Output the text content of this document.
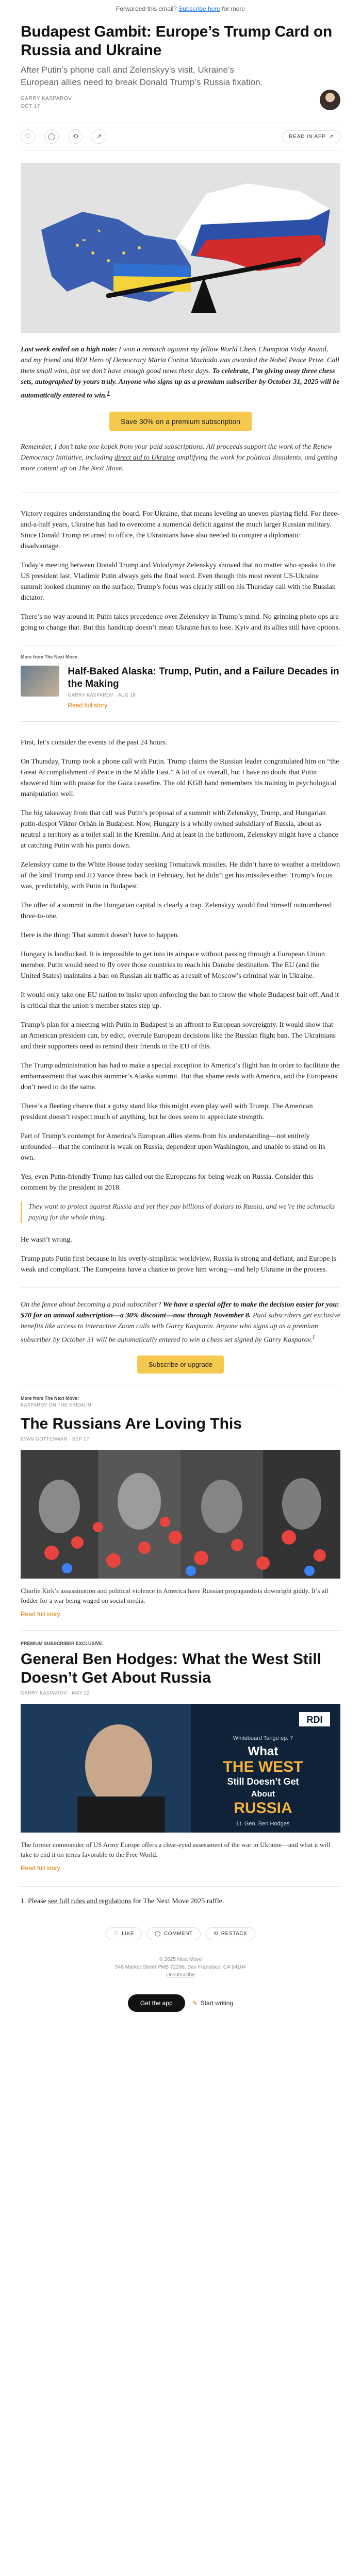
Forwarded this email? Subscribe here for more
Budapest Gambit: Europe’s Trump Card on Russia and Ukraine
After Putin’s phone call and Zelenskyy’s visit, Ukraine’s European allies need to break Donald Trump’s Russia fixation.
GARRY KASPAROV
OCT 17
♡	◯	⟲	↗	READ IN APP ↗

Last week ended on a high note: I won a rematch against my fellow World Chess Champion Vishy Anand, and my friend and RDI Hero of Democracy Maria Corina Machado was awarded the Nobel Peace Prize. Call them small wins, but we don’t have enough good news these days. To celebrate, I’m giving away three chess sets, autographed by yours truly. Anyone who signs up as a premium subscriber by October 31, 2025 will be automatically entered to win.$^1$

Save 30% on a premium subscription

Remember, I don’t take one kopek from your paid subscriptions. All proceeds support the work of the Renew Democracy Initiative, including direct aid to Ukraine amplifying the work for political dissidents, and getting more content up on The Next Move.

Victory requires understanding the board. For Ukraine, that means leveling an uneven playing field. For three-and-a-half years, Ukraine has had to overcome a numerical deficit against the much larger Russian military. Since Donald Trump returned to office, the Ukrainians have also needed to conquer a diplomatic disadvantage.

Today’s meeting between Donald Trump and Volodymyr Zelenskyy showed that no matter who speaks to the US president last, Vladimir Putin always gets the final word. Even though this most recent US-Ukraine summit looked chummy on the surface, Trump’s focus was clearly still on his Thursday call with the Russian dictator.

There’s no way around it: Putin takes precedence over Zelenskyy in Trump’s mind. No grinning photo ops are going to change that. But this handicap doesn’t mean Ukraine has to lose. Kyiv and its allies still have options.

More from The Next Move:
Half-Baked Alaska: Trump, Putin, and a Failure Decades in the Making
GARRY KASPAROV · AUG 18
Read full story

First, let’s consider the events of the past 24 hours.

On Thursday, Trump took a phone call with Putin. Trump claims the Russian leader congratulated him on “the Great Accomplishment of Peace in the Middle East.” A lot of us overall, but I have no doubt that Putin showered him with praise for the Gaza ceasefire. The old KGB hand remembers his training in psychological manipulation well.

The big takeaway from that call was Putin’s proposal of a summit with Zelenskyy, Trump, and Hungarian putin-despot Viktor Orbán in Budapest. Now, Hungary is a wholly owned subsidiary of Russia, about as neutral a territory as a toilet stall in the Kremlin. And at least in the bathroom, Zelenskyy might have a chance at catching Putin with his pants down.

Zelenskyy came to the White House today seeking Tomahawk missiles. He didn’t have to weather a meltdown of the kind Trump and JD Vance threw back in February, but he didn’t get his missiles either. Trump’s focus was, predictably, with Putin in Budapest.

The offer of a summit in the Hungarian capital is clearly a trap. Zelenskyy would find himself outnumbered three-to-one.

Here is the thing: That summit doesn’t have to happen.

Hungary is landlocked. It is impossible to get into its airspace without passing through a European Union member. Putin would need to fly over those countries to reach his Danube destination. The EU (and the United States) maintains a ban on Russian air traffic as a result of Moscow’s criminal war in Ukraine.

It would only take one EU nation to insist upon enforcing the ban to throw the whole Budapest bait off. And it is critical that the union’s member states step up.

Trump’s plan for a meeting with Putin in Budapest is an affront to European sovereignty. It would show that an American president can, by edict, overrule European decisions like the Russian flight ban. The Ukrainians and their supporters need to remind their friends in the EU of this.

The Trump administration has had to make a special exception to America’s flight ban in order to facilitate the embarrassment that was this summer’s Alaska summit. But that shame rests with America, and the Europeans don’t need to do the same.

There’s a fleeting chance that a gutsy stand like this might even play well with Trump. The American president doesn’t respect much of anything, but he does seem to appreciate strength.

Part of Trump’s contempt for America’s European allies stems from his understanding—not entirely unfounded—that the continent is weak on Russia, dependent upon Washington, and unable to stand on its own.

Yes, even Putin-friendly Trump has called out the Europeans for being weak on Russia. Consider this comment by the president in 2018.

They want to protect against Russia and yet they pay billions of dollars to Russia, and we’re the schmucks paying for the whole thing.

He wasn’t wrong.

Trump puts Putin first because in his overly-simplistic worldview, Russia is strong and defiant, and Europe is weak and compliant. The Europeans have a chance to prove him wrong—and help Ukraine in the process.

On the fence about becoming a paid subscriber? We have a special offer to make the decision easier for you: $70 for an annual subscription—a 30% discount—now through November 8. Paid subscribers get exclusive benefits like access to interactive Zoom calls with Garry Kasparov. Anyone who signs up as a premium subscriber by October 31 will be automatically entered to win a chess set signed by Garry Kasparov.$^1$

Subscribe or upgrade
More from The Next Move:
KASPAROV ON THE KREMLIN
The Russians Are Loving This
EVAN GOTTESMAN · SEP 17
Charlie Kirk’s assassination and political violence in America have Russian propagandists downright giddy. It’s all fodder for a war being waged on social media.
Read full story
PREMIUM SUBSCRIBER EXCLUSIVE:
General Ben Hodges: What the West Still Doesn’t Get About Russia
GARRY KASPAROV · MAY 22
RDI
Whiteboard Tango ep. 7
What
THE WEST
Still Doesn’t Get
About
RUSSIA
Lt. Gen. Ben Hodges
The former commander of US Army Europe offers a clear-eyed assessment of the war in Ukraine—and what it will take to end it on terms favorable to the Free World.
Read full story

1. Please see full rules and regulations for The Next Move 2025 raffle.

♡ LIKE	◯ COMMENT	⟲ RESTACK
© 2025 Next Move
548 Market Street PMB 72296, San Francisco, CA 94104
Unsubscribe
Get the app	✎ Start writing
